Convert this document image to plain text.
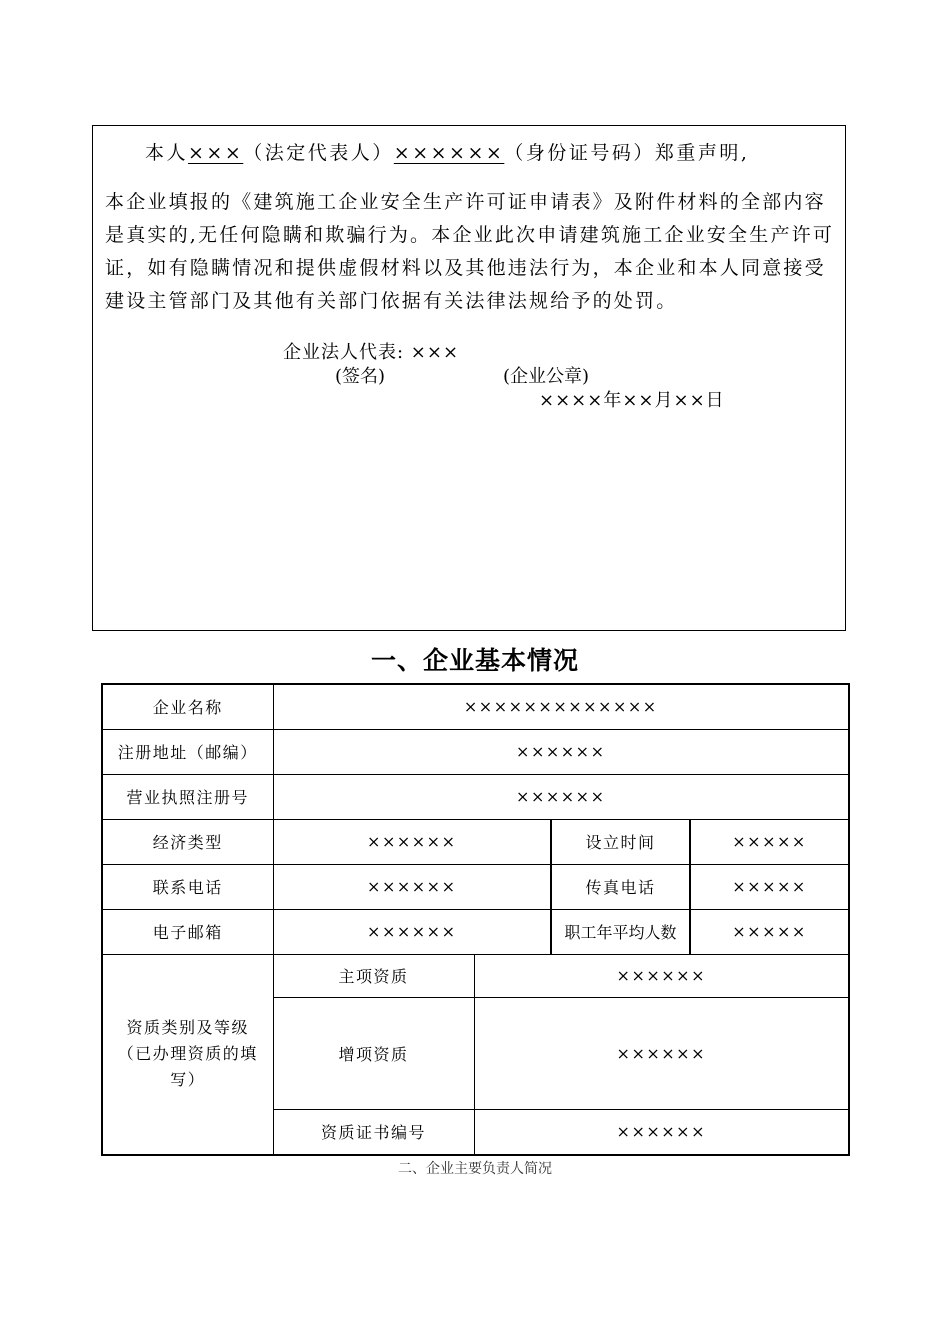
本人×××（法定代表人）××××××（身份证号码）郑重声明,

本企业填报的《建筑施工企业安全生产许可证申请表》及附件材料的全部内容是真实的,无任何隐瞒和欺骗行为。本企业此次申请建筑施工企业安全生产许可证，如有隐瞒情况和提供虚假材料以及其他违法行为，本企业和本人同意接受建设主管部门及其他有关部门依据有关法律法规给予的处罚。

企业法人代表: ×××
(签名)	(企业公章)
××××年××月××日
一、企业基本情况
企业名称	×××××××××××××			
注册地址（邮编）	××××××			
营业执照注册号	××××××			
经济类型	××××××		设立时间	×××××
联系电话	××××××		传真电话	×××××
电子邮箱	××××××		职工年平均人数	×××××
资质类别及等级（已办理资质的填写）	主项资质	××××××		
	增项资质	××××××		
	资质证书编号	××××××		
二、企业主要负责人简况
